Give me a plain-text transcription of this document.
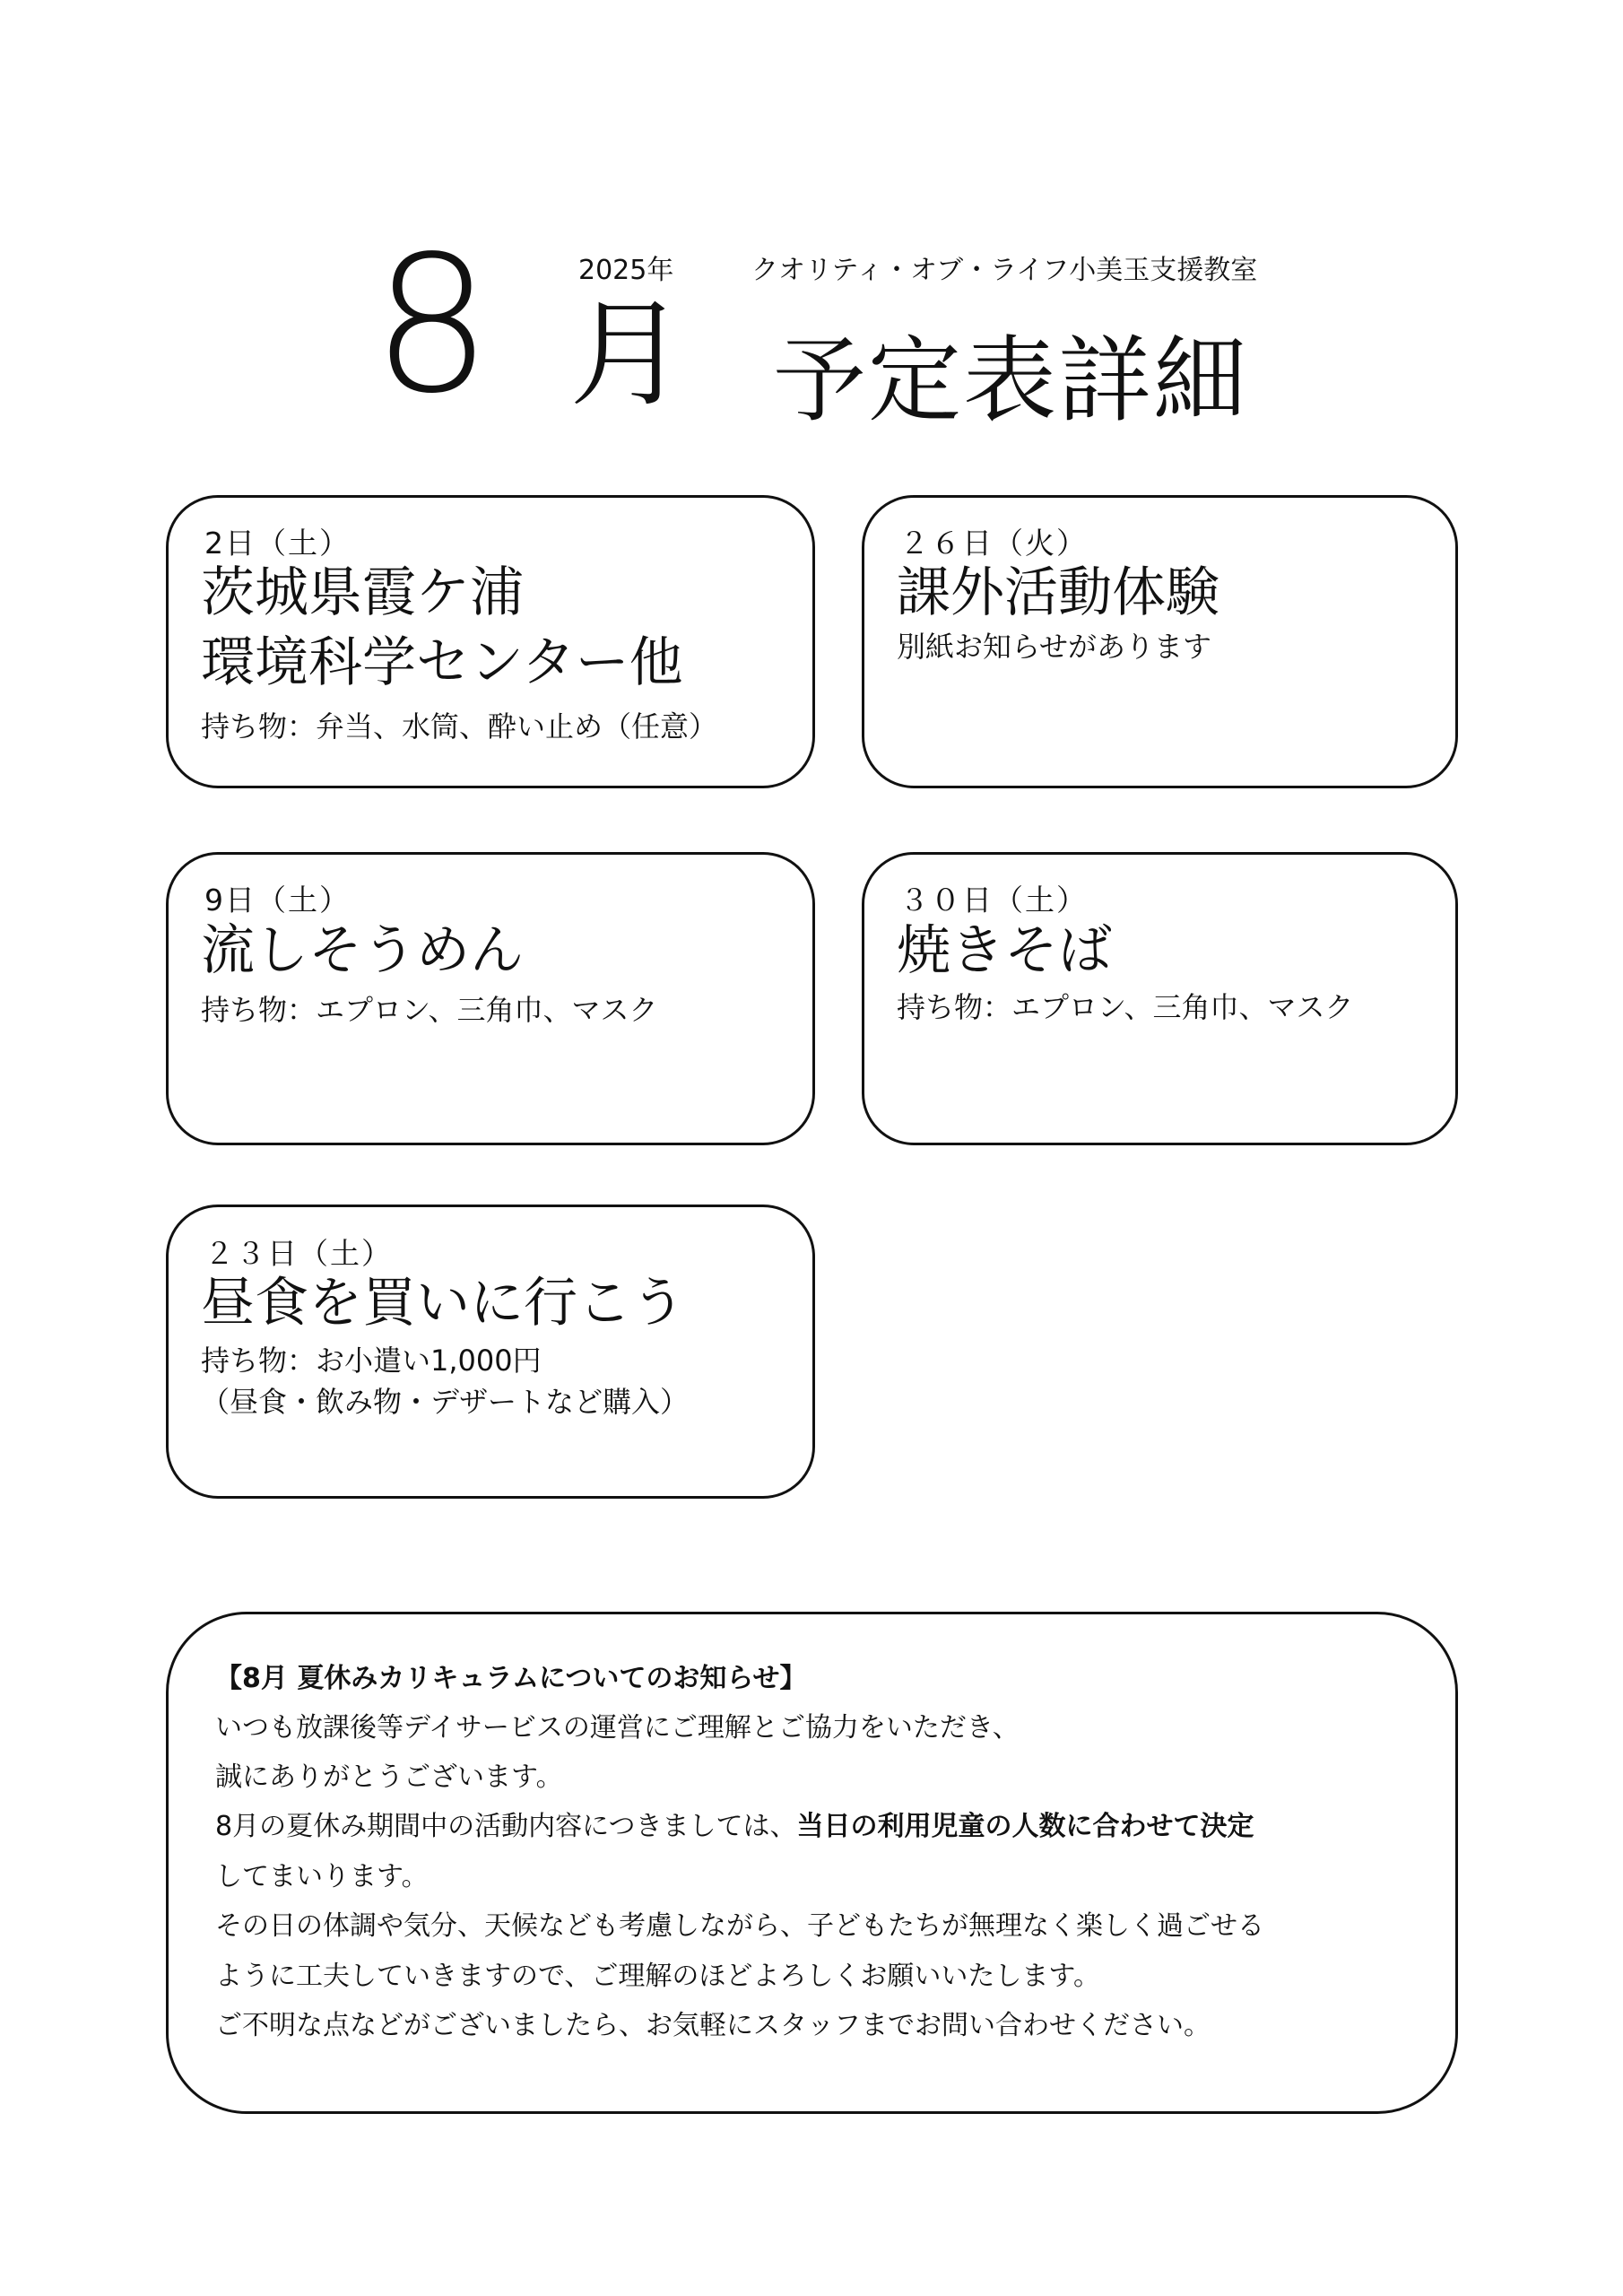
2025年	クオリティ・オブ・ライフ小美玉支援教室
8 月 予定表詳細
2日（土）
茨城県霞ケ浦
環境科学センター他
持ち物：弁当、水筒、酔い止め（任意）
２６日（火）
課外活動体験
別紙お知らせがあります
9日（土）
流しそうめん
持ち物：エプロン、三角巾、マスク
３０日（土）
焼きそば
持ち物：エプロン、三角巾、マスク
２３日（土）
昼食を買いに行こう
持ち物：お小遣い1,000円
（昼食・飲み物・デザートなど購入）
【8月 夏休みカリキュラムについてのお知らせ】
いつも放課後等デイサービスの運営にご理解とご協力をいただき、
誠にありがとうございます。
8月の夏休み期間中の活動内容につきましては、当日の利用児童の人数に合わせて決定
してまいります。
その日の体調や気分、天候なども考慮しながら、子どもたちが無理なく楽しく過ごせる
ように工夫していきますので、ご理解のほどよろしくお願いいたします。
ご不明な点などがございましたら、お気軽にスタッフまでお問い合わせください。
